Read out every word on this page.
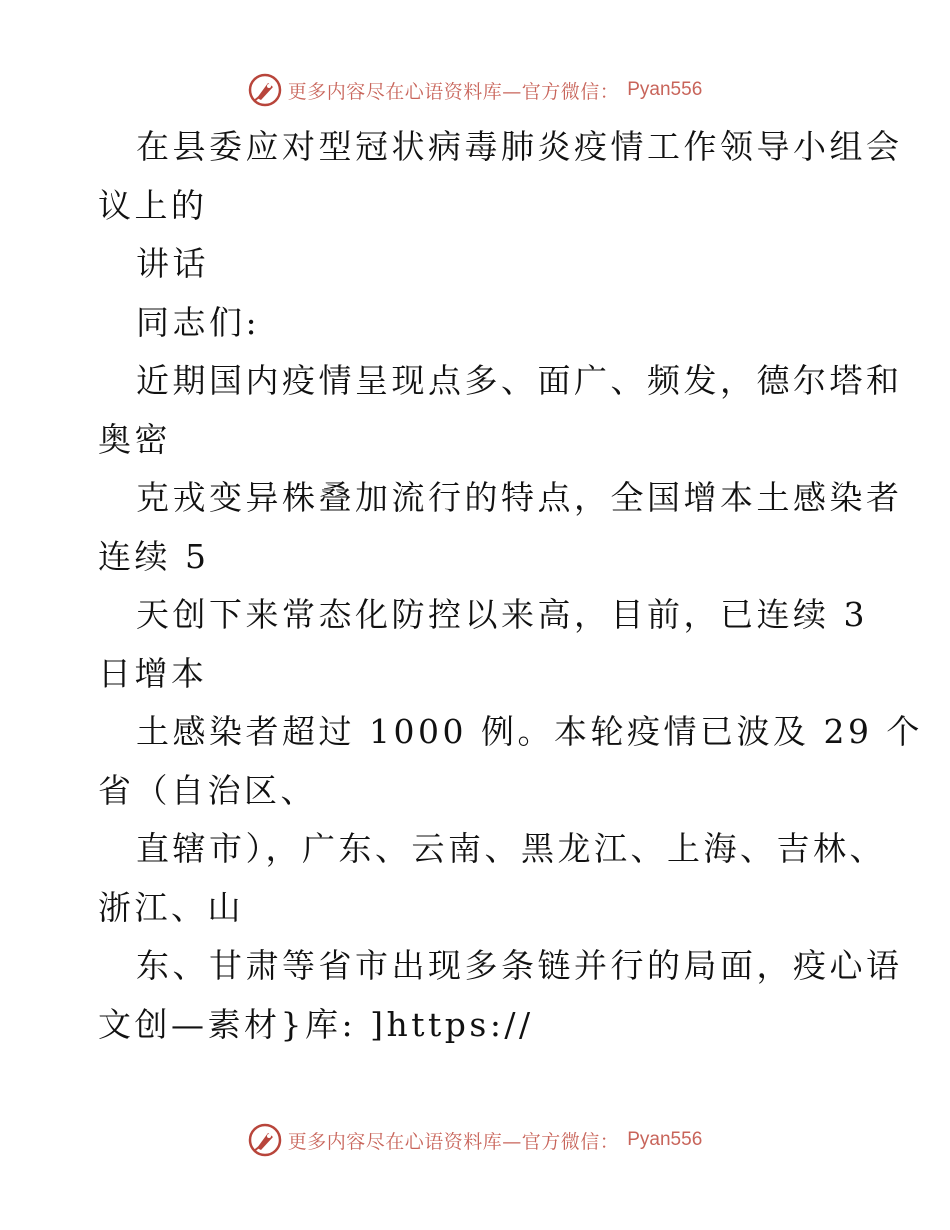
更多内容尽在心语资料库—官方微信： Pyan556
在县委应对型冠状病毒肺炎疫情工作领导小组会
议上的
讲话
同志们:
近期国内疫情呈现点多、面广、频发，德尔塔和
奥密
克戎变异株叠加流行的特点，全国增本土感染者
连续 5
天创下来常态化防控以来高，目前，已连续 3
日增本
土感染者超过 1000 例。本轮疫情已波及 29 个
省（自治区、
直辖市），广东、云南、黑龙江、上海、吉林、
浙江、山
东、甘肃等省市出现多条链并行的局面，疫心语
文创—素材}库: ]https://
更多内容尽在心语资料库—官方微信： Pyan556
